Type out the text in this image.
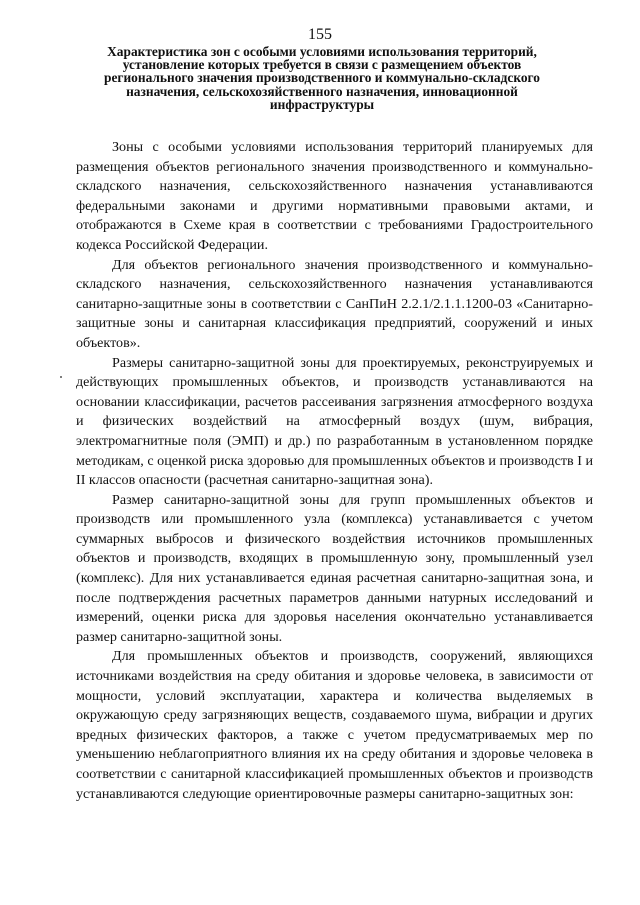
155
Характеристика зон с особыми условиями использования территорий, установление которых требуется в связи с размещением объектов регионального значения производственного и коммунально-складского назначения, сельскохозяйственного назначения, инновационной инфраструктуры

Зоны с особыми условиями использования территорий планируемых для размещения объектов регионального значения производственного и коммунально-складского назначения, сельскохозяйственного назначения устанавливаются федеральными законами и другими нормативными правовыми актами, и отображаются в Схеме края в соответствии с требованиями Градостроительного кодекса Российской Федерации.

Для объектов регионального значения производственного и коммунально-складского назначения, сельскохозяйственного назначения устанавливаются санитарно-защитные зоны в соответствии с СанПиН 2.2.1/2.1.1.1200-03 «Санитарно-защитные зоны и санитарная классификация предприятий, сооружений и иных объектов».

Размеры санитарно-защитной зоны для проектируемых, реконструируемых и действующих промышленных объектов, и производств устанавливаются на основании классификации, расчетов рассеивания загрязнения атмосферного воздуха и физических воздействий на атмосферный воздух (шум, вибрация, электромагнитные поля (ЭМП) и др.) по разработанным в установленном порядке методикам, с оценкой риска здоровью для промышленных объектов и производств I и II классов опасности (расчетная санитарно-защитная зона).

Размер санитарно-защитной зоны для групп промышленных объектов и производств или промышленного узла (комплекса) устанавливается с учетом суммарных выбросов и физического воздействия источников промышленных объектов и производств, входящих в промышленную зону, промышленный узел (комплекс). Для них устанавливается единая расчетная санитарно-защитная зона, и после подтверждения расчетных параметров данными натурных исследований и измерений, оценки риска для здоровья населения окончательно устанавливается размер санитарно-защитной зоны.

Для промышленных объектов и производств, сооружений, являющихся источниками воздействия на среду обитания и здоровье человека, в зависимости от мощности, условий эксплуатации, характера и количества выделяемых в окружающую среду загрязняющих веществ, создаваемого шума, вибрации и других вредных физических факторов, а также с учетом предусматриваемых мер по уменьшению неблагоприятного влияния их на среду обитания и здоровье человека в соответствии с санитарной классификацией промышленных объектов и производств устанавливаются следующие ориентировочные размеры санитарно-защитных зон:
